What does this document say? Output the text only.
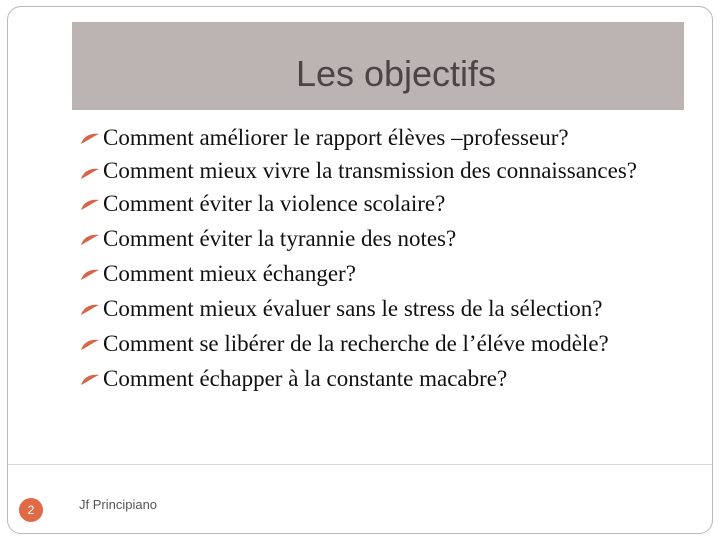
Les objectifs
Comment améliorer le rapport élèves –professeur?
Comment mieux vivre la transmission des connaissances?
Comment éviter la violence scolaire?
Comment éviter la tyrannie des notes?
Comment mieux échanger?
Comment mieux évaluer sans le stress de la sélection?
Comment se libérer de la recherche de l’éléve modèle?
Comment échapper à la constante macabre?
2	Jf Principiano
